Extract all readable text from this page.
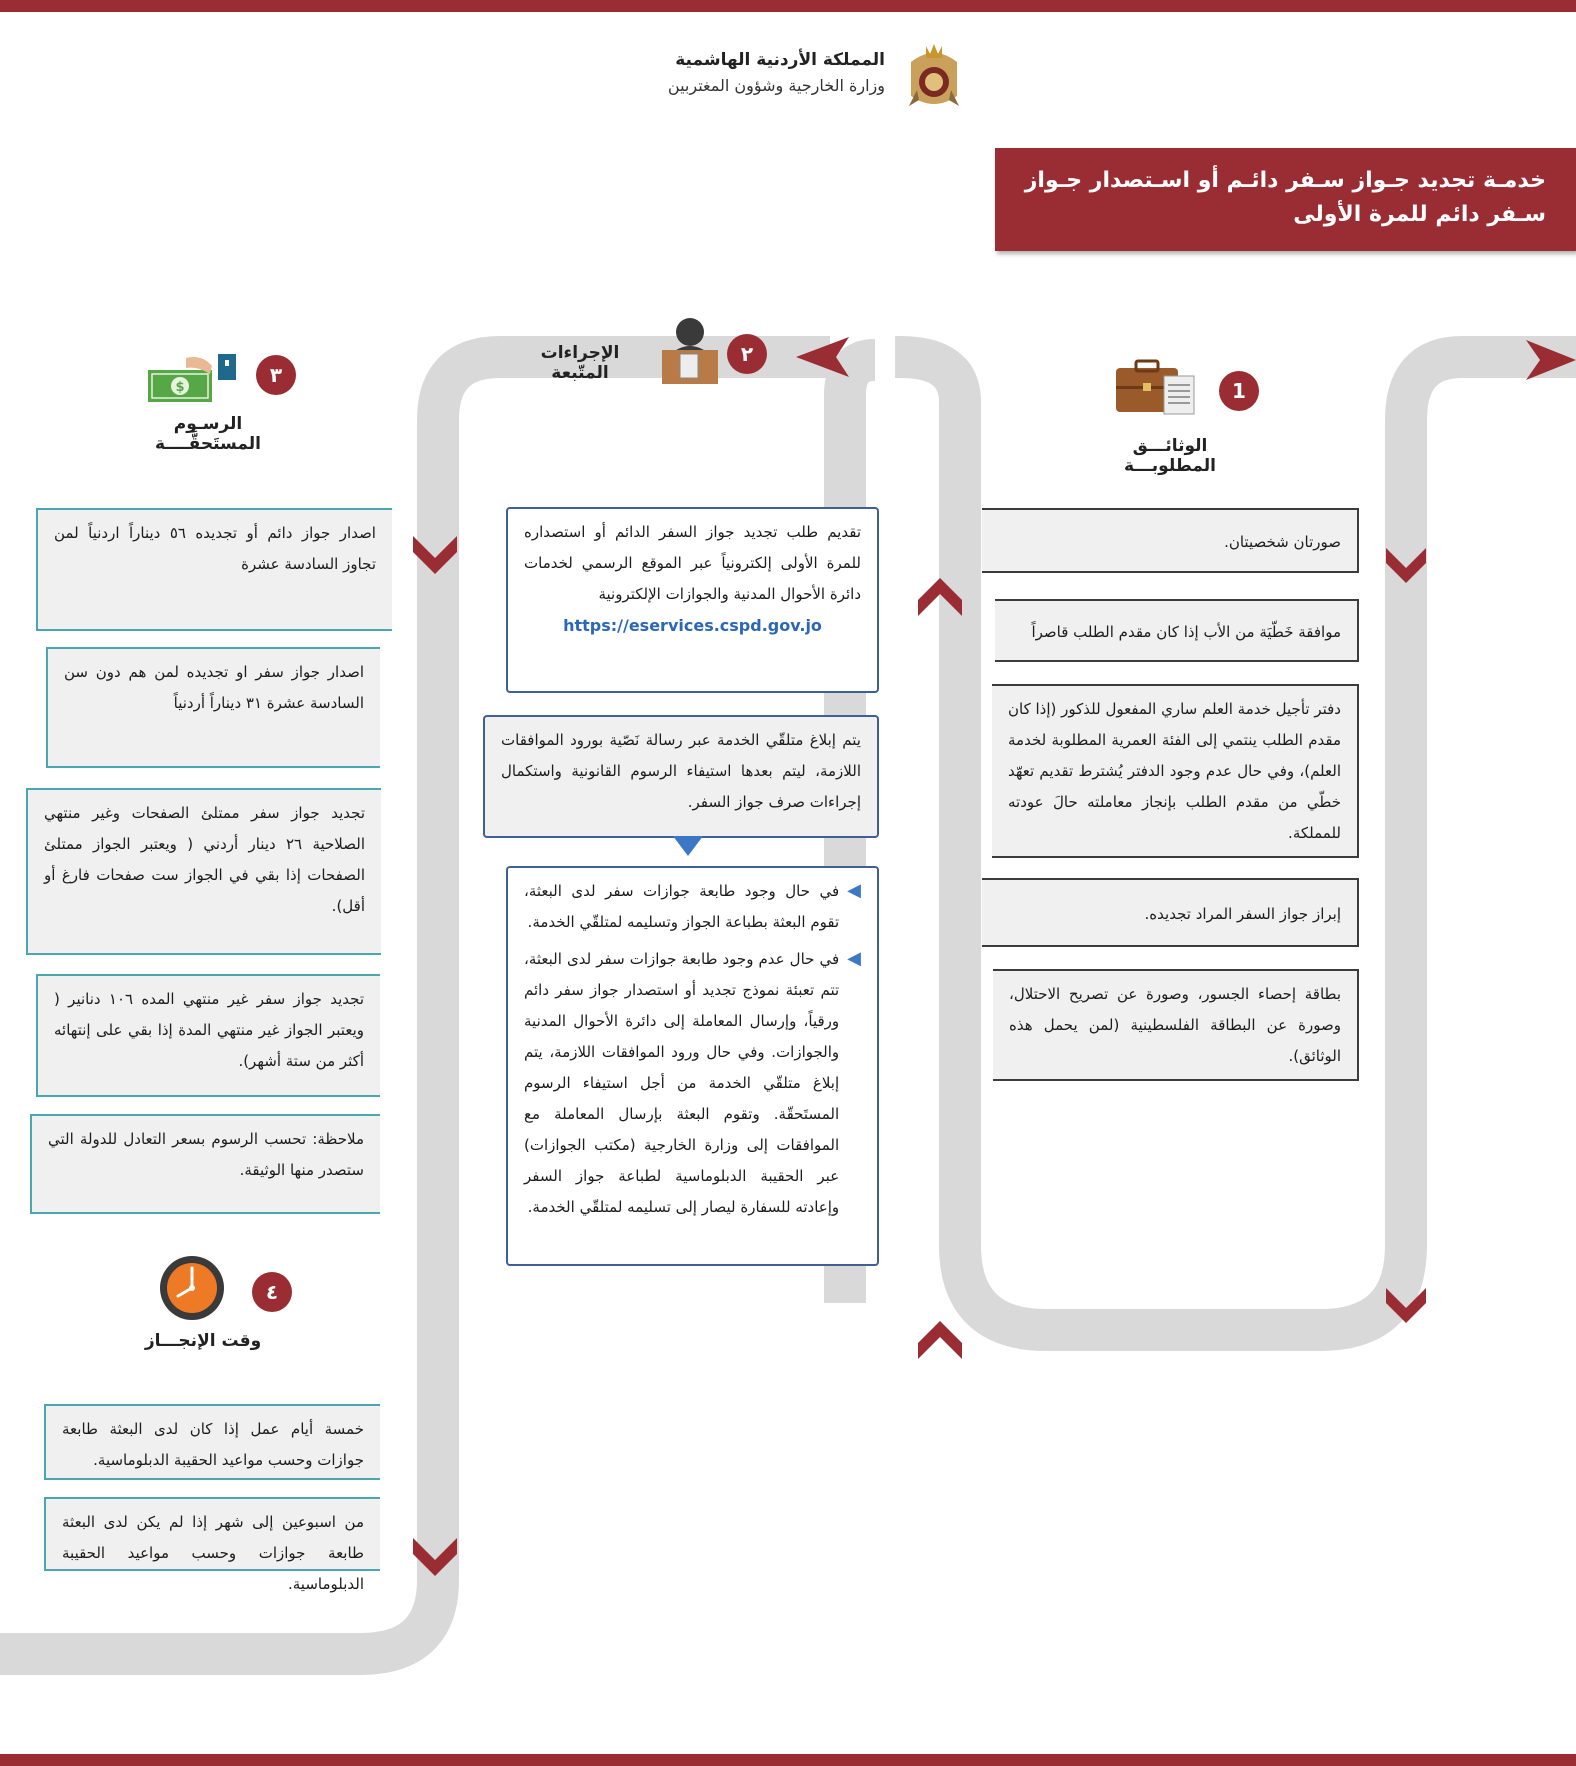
المملكة الأردنية الهاشمية
وزارة الخارجية وشؤون المغتربين
خدمـة تجديد جـواز سـفر دائـم أو اسـتصدار جـواز سـفر دائم للمرة الأولى
1
الوثائـــق المطلوبـــة
صورتان شخصيتان.
موافقة خَطّيَة من الأب إذا كان مقدم الطلب قاصراً
دفتر تأجيل خدمة العلم ساري المفعول للذكور (إذا كان مقدم الطلب ينتمي إلى الفئة العمرية المطلوبة لخدمة العلم)، وفي حال عدم وجود الدفتر يُشترط تقديم تعهّد خطّي من مقدم الطلب بإنجاز معاملته حالَ عودته للمملكة.
إبراز جواز السفر المراد تجديده.
بطاقة إحصاء الجسور، وصورة عن تصريح الاحتلال، وصورة عن البطاقة الفلسطينية (لمن يحمل هذه الوثائق).
٢
الإجراءات المتّبعة
تقديم طلب تجديد جواز السفر الدائم أو استصداره للمرة الأولى إلكترونياً عبر الموقع الرسمي لخدمات دائرة الأحوال المدنية والجوازات الإلكترونية
https://eservices.cspd.gov.jo
يتم إبلاغ متلقّي الخدمة عبر رسالة نَصّية بورود الموافقات اللازمة، ليتم بعدها استيفاء الرسوم القانونية واستكمال إجراءات صرف جواز السفر.
◀
في حال وجود طابعة جوازات سفر لدى البعثة، تقوم البعثة بطباعة الجواز وتسليمه لمتلقّي الخدمة.
◀
في حال عدم وجود طابعة جوازات سفر لدى البعثة، تتم تعبئة نموذج تجديد أو استصدار جواز سفر دائم ورقياً، وإرسال المعاملة إلى دائرة الأحوال المدنية والجوازات. وفي حال ورود الموافقات اللازمة، يتم إبلاغ متلقّي الخدمة من أجل استيفاء الرسوم المستَحقّة. وتقوم البعثة بإرسال المعاملة مع الموافقات إلى وزارة الخارجية (مكتب الجوازات) عبر الحقيبة الدبلوماسية لطباعة جواز السفر وإعادته للسفارة ليصار إلى تسليمه لمتلقّي الخدمة.
$
٣
الرسـوم المستَحقَّــــة
اصدار جواز دائم أو تجديده ٥٦ ديناراً اردنياً لمن تجاوز السادسة عشرة
اصدار جواز سفر او تجديده لمن هم دون سن السادسة عشرة ٣١ ديناراً أردنياً
تجديد جواز سفر ممتلئ الصفحات وغير منتهي الصلاحية ٢٦ دينار أردني ( ويعتبر الجواز ممتلئ الصفحات إذا بقي في الجواز ست صفحات فارغ أو أقل).
تجديد جواز سفر غير منتهي المده ١٠٦ دنانير ( ويعتبر الجواز غير منتهي المدة إذا بقي على إنتهائه أكثر من ستة أشهر).
ملاحظة: تحسب الرسوم بسعر التعادل للدولة التي ستصدر منها الوثيقة.
٤
وقت الإنجـــاز
خمسة أيام عمل إذا كان لدى البعثة طابعة جوازات وحسب مواعيد الحقيبة الدبلوماسية.
من اسبوعين إلى شهر إذا لم يكن لدى البعثة طابعة جوازات وحسب مواعيد الحقيبة الدبلوماسية.
